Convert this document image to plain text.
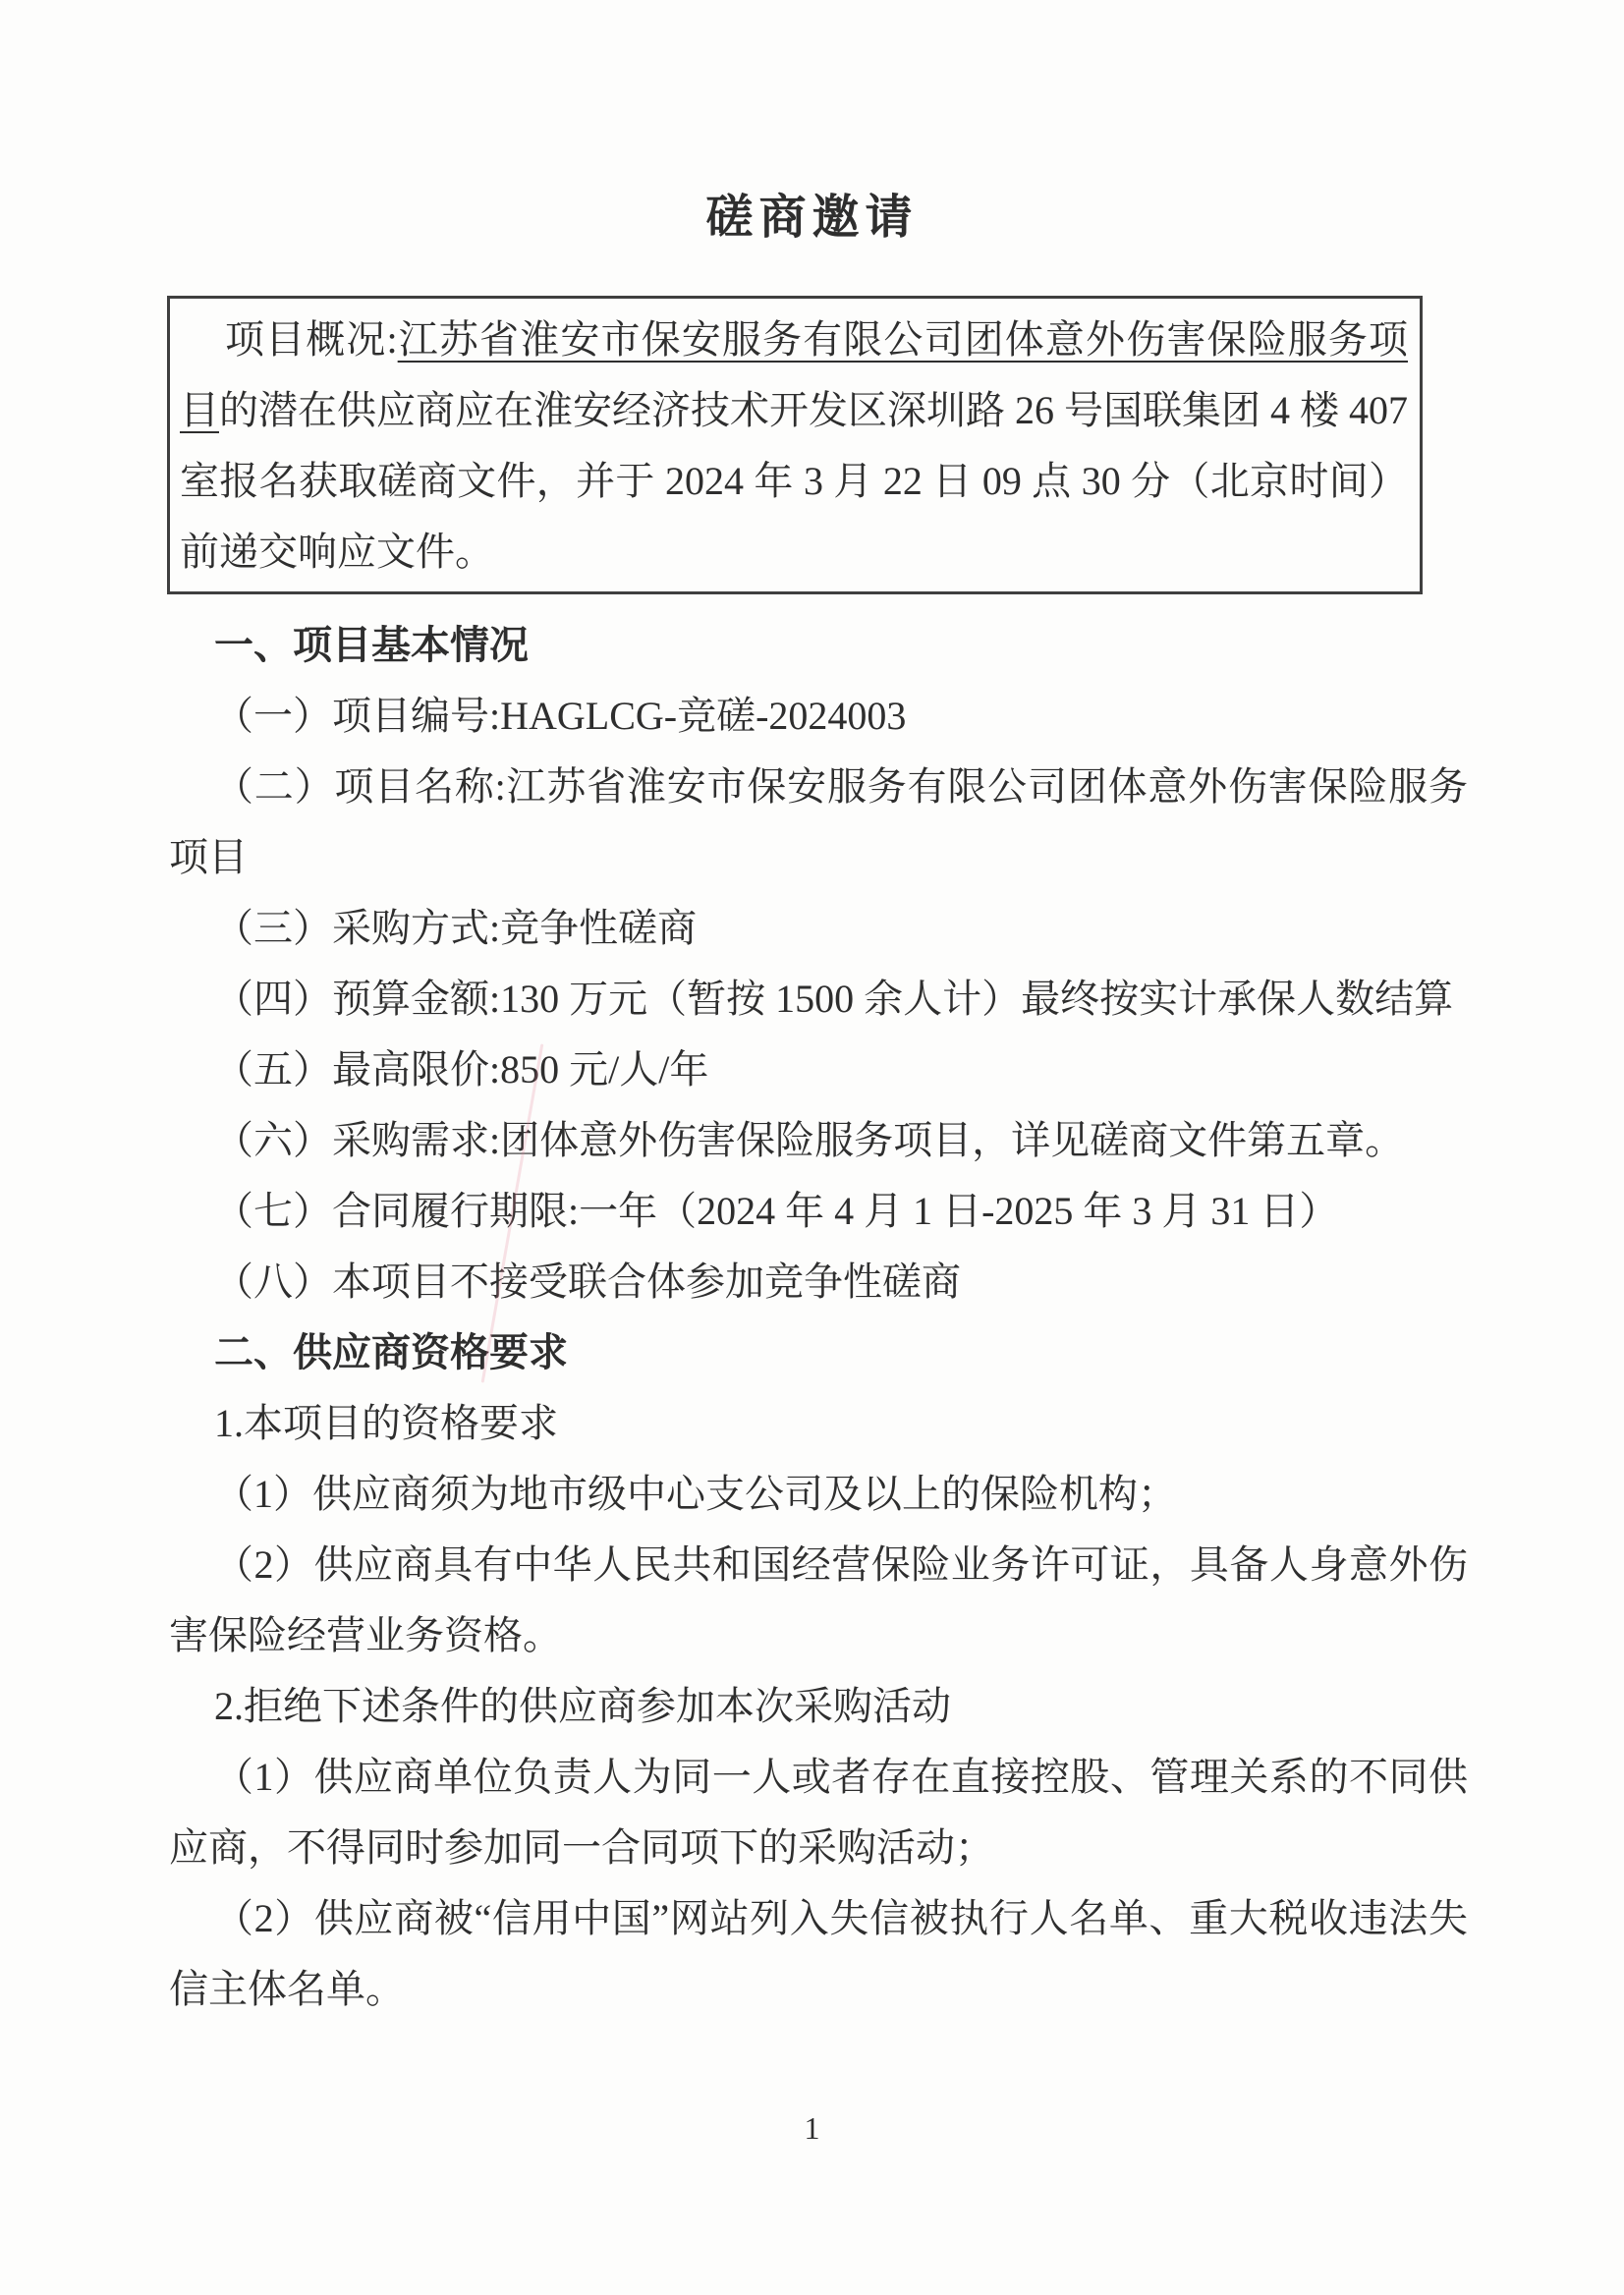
磋商邀请

项目概况:江苏省淮安市保安服务有限公司团体意外伤害保险服务项目的潜在供应商应在淮安经济技术开发区深圳路 26 号国联集团 4 楼 407 室报名获取磋商文件，并于 2024 年 3 月 22 日 09 点 30 分（北京时间）前递交响应文件。

一、项目基本情况

（一）项目编号:HAGLCG-竞磋-2024003

（二）项目名称:江苏省淮安市保安服务有限公司团体意外伤害保险服务项目

（三）采购方式:竞争性磋商

（四）预算金额:130 万元（暂按 1500 余人计）最终按实计承保人数结算

（五）最高限价:850 元/人/年

（六）采购需求:团体意外伤害保险服务项目，详见磋商文件第五章。

（七）合同履行期限:一年（2024 年 4 月 1 日-2025 年 3 月 31 日）

（八）本项目不接受联合体参加竞争性磋商

二、供应商资格要求

1.本项目的资格要求

（1）供应商须为地市级中心支公司及以上的保险机构；

（2）供应商具有中华人民共和国经营保险业务许可证，具备人身意外伤害保险经营业务资格。

2.拒绝下述条件的供应商参加本次采购活动

（1）供应商单位负责人为同一人或者存在直接控股、管理关系的不同供应商，不得同时参加同一合同项下的采购活动；

（2）供应商被“信用中国”网站列入失信被执行人名单、重大税收违法失信主体名单。

1
